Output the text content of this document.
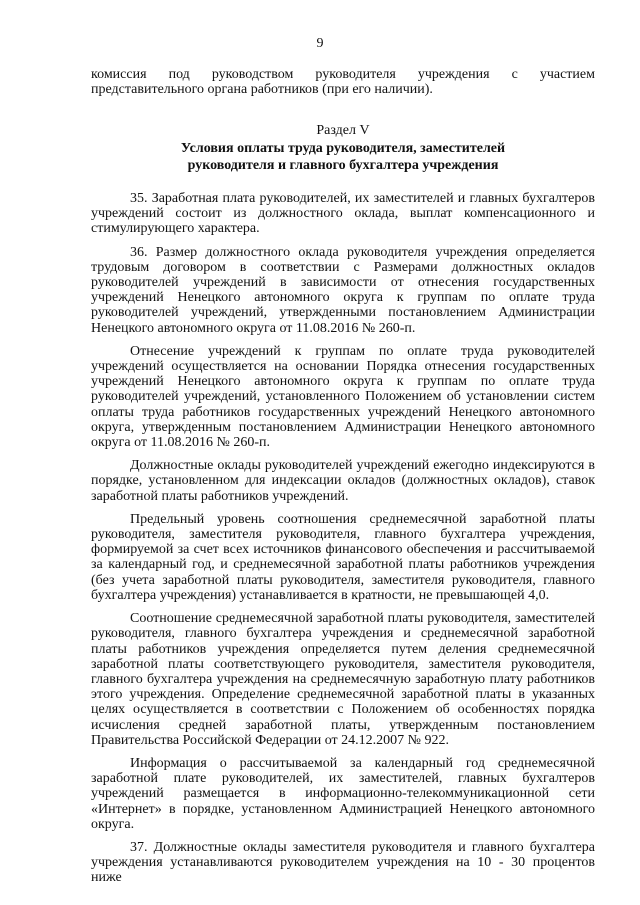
9

комиссия под руководством руководителя учреждения с участием представительного органа работников (при его наличии).

Раздел V
Условия оплаты труда руководителя, заместителей
руководителя и главного бухгалтера учреждения

35. Заработная плата руководителей, их заместителей и главных бухгалтеров учреждений состоит из должностного оклада, выплат компенсационного и стимулирующего характера.

36. Размер должностного оклада руководителя учреждения определяется трудовым договором в соответствии с Размерами должностных окладов руководителей учреждений в зависимости от отнесения государственных учреждений Ненецкого автономного округа к группам по оплате труда руководителей учреждений, утвержденными постановлением Администрации Ненецкого автономного округа от 11.08.2016 № 260-п.

Отнесение учреждений к группам по оплате труда руководителей учреждений осуществляется на основании Порядка отнесения государственных учреждений Ненецкого автономного округа к группам по оплате труда руководителей учреждений, установленного Положением об установлении систем оплаты труда работников государственных учреждений Ненецкого автономного округа, утвержденным постановлением Администрации Ненецкого автономного округа от 11.08.2016 № 260-п.

Должностные оклады руководителей учреждений ежегодно индексируются в порядке, установленном для индексации окладов (должностных окладов), ставок заработной платы работников учреждений.

Предельный уровень соотношения среднемесячной заработной платы руководителя, заместителя руководителя, главного бухгалтера учреждения, формируемой за счет всех источников финансового обеспечения и рассчитываемой за календарный год, и среднемесячной заработной платы работников учреждения (без учета заработной платы руководителя, заместителя руководителя, главного бухгалтера учреждения) устанавливается в кратности, не превышающей 4,0.

Соотношение среднемесячной заработной платы руководителя, заместителей руководителя, главного бухгалтера учреждения и среднемесячной заработной платы работников учреждения определяется путем деления среднемесячной заработной платы соответствующего руководителя, заместителя руководителя, главного бухгалтера учреждения на среднемесячную заработную плату работников этого учреждения. Определение среднемесячной заработной платы в указанных целях осуществляется в соответствии с Положением об особенностях порядка исчисления средней заработной платы, утвержденным постановлением Правительства Российской Федерации от 24.12.2007 № 922.

Информация о рассчитываемой за календарный год среднемесячной заработной плате руководителей, их заместителей, главных бухгалтеров учреждений размещается в информационно-телекоммуникационной сети «Интернет» в порядке, установленном Администрацией Ненецкого автономного округа.

37. Должностные оклады заместителя руководителя и главного бухгалтера учреждения устанавливаются руководителем учреждения на 10 - 30 процентов ниже
